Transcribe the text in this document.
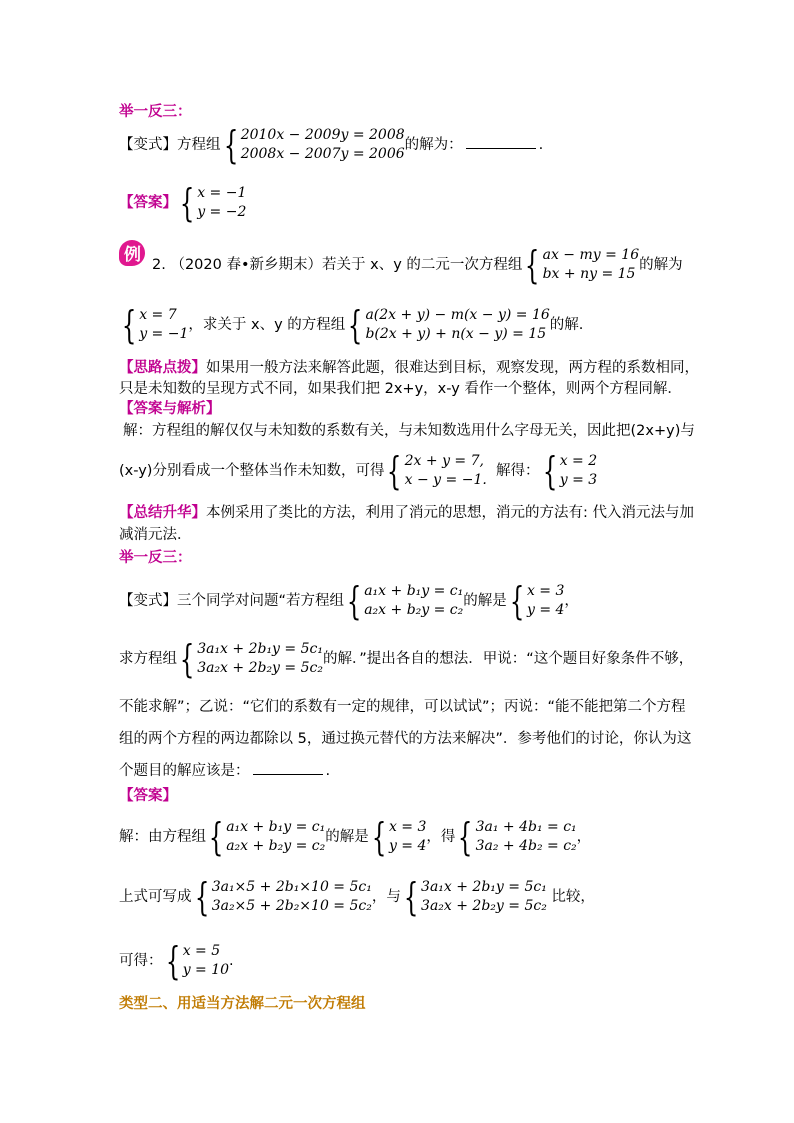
举一反三：
【变式】方程组 { 2010x − 2009y = 2008
2008x − 2007y = 2006
的解为：	.
【答案】 { x = −1
y = −2
例 2. （2020 春•新乡期末）若关于 x、y 的二元一次方程组 { ax − my = 16
bx + ny = 15
的解为
{ x = 7
y = −1
，求关于 x、y 的方程组 { a(2x + y) − m(x − y) = 16
b(2x + y) + n(x − y) = 15
的解.
【思路点拨】如果用一般方法来解答此题，很难达到目标，观察发现，两方程的系数相同，
只是未知数的呈现方式不同，如果我们把 2x+y，x-y 看作一个整体，则两个方程同解．
【答案与解析】
解：方程组的解仅仅与未知数的系数有关，与未知数选用什么字母无关，因此把(2x+y)与
(x-y)分别看成一个整体当作未知数，可得 { 2x + y = 7,
x − y = −1.
解得： { x = 2
y = 3
【总结升华】本例采用了类比的方法，利用了消元的思想，消元的方法有: 代入消元法与加
减消元法．
举一反三：
【变式】三个同学对问题“若方程组 { a₁x + b₁y = c₁
a₂x + b₂y = c₂
的解是 { x = 3
y = 4
，
求方程组 { 3a₁x + 2b₁y = 5c₁
3a₂x + 2b₂y = 5c₂
的解．”提出各自的想法．甲说：“这个题目好象条件不够，
不能求解”；乙说：“它们的系数有一定的规律，可以试试”；丙说：“能不能把第二个方程
组的两个方程的两边都除以 5，通过换元替代的方法来解决”．参考他们的讨论，你认为这
个题目的解应该是：	.
【答案】
解：由方程组 { a₁x + b₁y = c₁
a₂x + b₂y = c₂
的解是 { x = 3
y = 4
，得 { 3a₁ + 4b₁ = c₁
3a₂ + 4b₂ = c₂
，
上式可写成 { 3a₁×5 + 2b₁×10 = 5c₁
3a₂×5 + 2b₂×10 = 5c₂
，与 { 3a₁x + 2b₁y = 5c₁
3a₂x + 2b₂y = 5c₂
比较，
可得： { x = 5
y = 10
.
类型二、用适当方法解二元一次方程组
